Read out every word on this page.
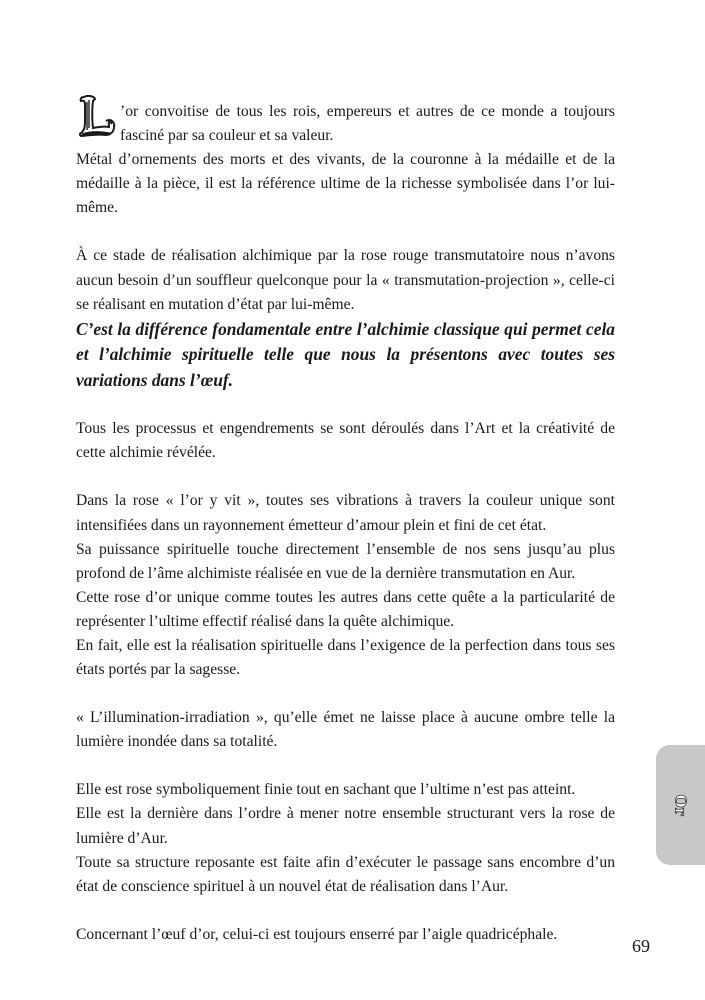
’or convoitise de tous les rois, empereurs et autres de ce monde a toujours fasciné par sa couleur et sa valeur.

Métal d’ornements des morts et des vivants, de la couronne à la médaille et de la médaille à la pièce, il est la référence ultime de la richesse symbolisée dans l’or lui-même.

À ce stade de réalisation alchimique par la rose rouge transmutatoire nous n’avons aucun besoin d’un souffleur quelconque pour la « transmutation-projection », celle-ci se réalisant en mutation d’état par lui-même.

C’est la différence fondamentale entre l’alchimie classique qui permet cela et l’alchimie spirituelle telle que nous la présentons avec toutes ses variations dans l’œuf.

Tous les processus et engendrements se sont déroulés dans l’Art et la créativité de cette alchimie révélée.

Dans la rose « l’or y vit », toutes ses vibrations à travers la couleur unique sont intensifiées dans un rayonnement émetteur d’amour plein et fini de cet état.

Sa puissance spirituelle touche directement l’ensemble de nos sens jusqu’au plus profond de l’âme alchimiste réalisée en vue de la dernière transmutation en Aur.

Cette rose d’or unique comme toutes les autres dans cette quête a la particularité de représenter l’ultime effectif réalisé dans la quête alchimique.

En fait, elle est la réalisation spirituelle dans l’exigence de la perfection dans tous ses états portés par la sagesse.

« L’illumination-irradiation », qu’elle émet ne laisse place à aucune ombre telle la lumière inondée dans sa totalité.

Elle est rose symboliquement finie tout en sachant que l’ultime n’est pas atteint.

Elle est la dernière dans l’ordre à mener notre ensemble structurant vers la rose de lumière d’Aur.

Toute sa structure reposante est faite afin d’exécuter le passage sans encombre d’un état de conscience spirituel à un nouvel état de réalisation dans l’Aur.

Concernant l’œuf d’or, celui-ci est toujours enserré par l’aigle quadricéphale.

Or
69
